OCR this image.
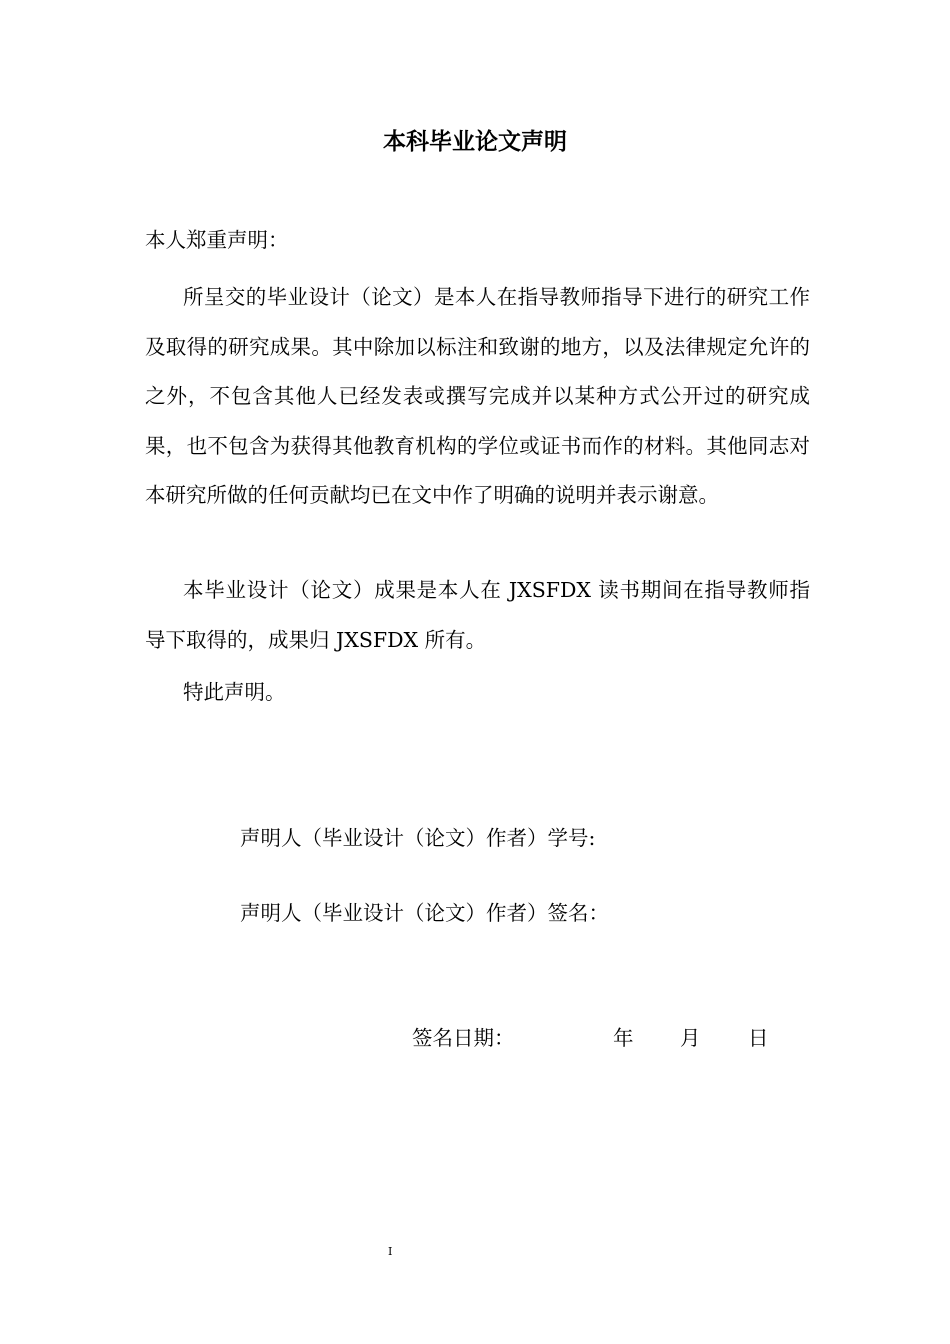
本科毕业论文声明
本人郑重声明：

所呈交的毕业设计（论文）是本人在指导教师指导下进行的研究工作及取得的研究成果。其中除加以标注和致谢的地方，以及法律规定允许的之外，不包含其他人已经发表或撰写完成并以某种方式公开过的研究成果，也不包含为获得其他教育机构的学位或证书而作的材料。其他同志对本研究所做的任何贡献均已在文中作了明确的说明并表示谢意。

本毕业设计（论文）成果是本人在 JXSFDX 读书期间在指导教师指导下取得的，成果归 JXSFDX 所有。

特此声明。

声明人（毕业设计（论文）作者）学号:
声明人（毕业设计（论文）作者）签名：
签名日期：	年 月 日
I
